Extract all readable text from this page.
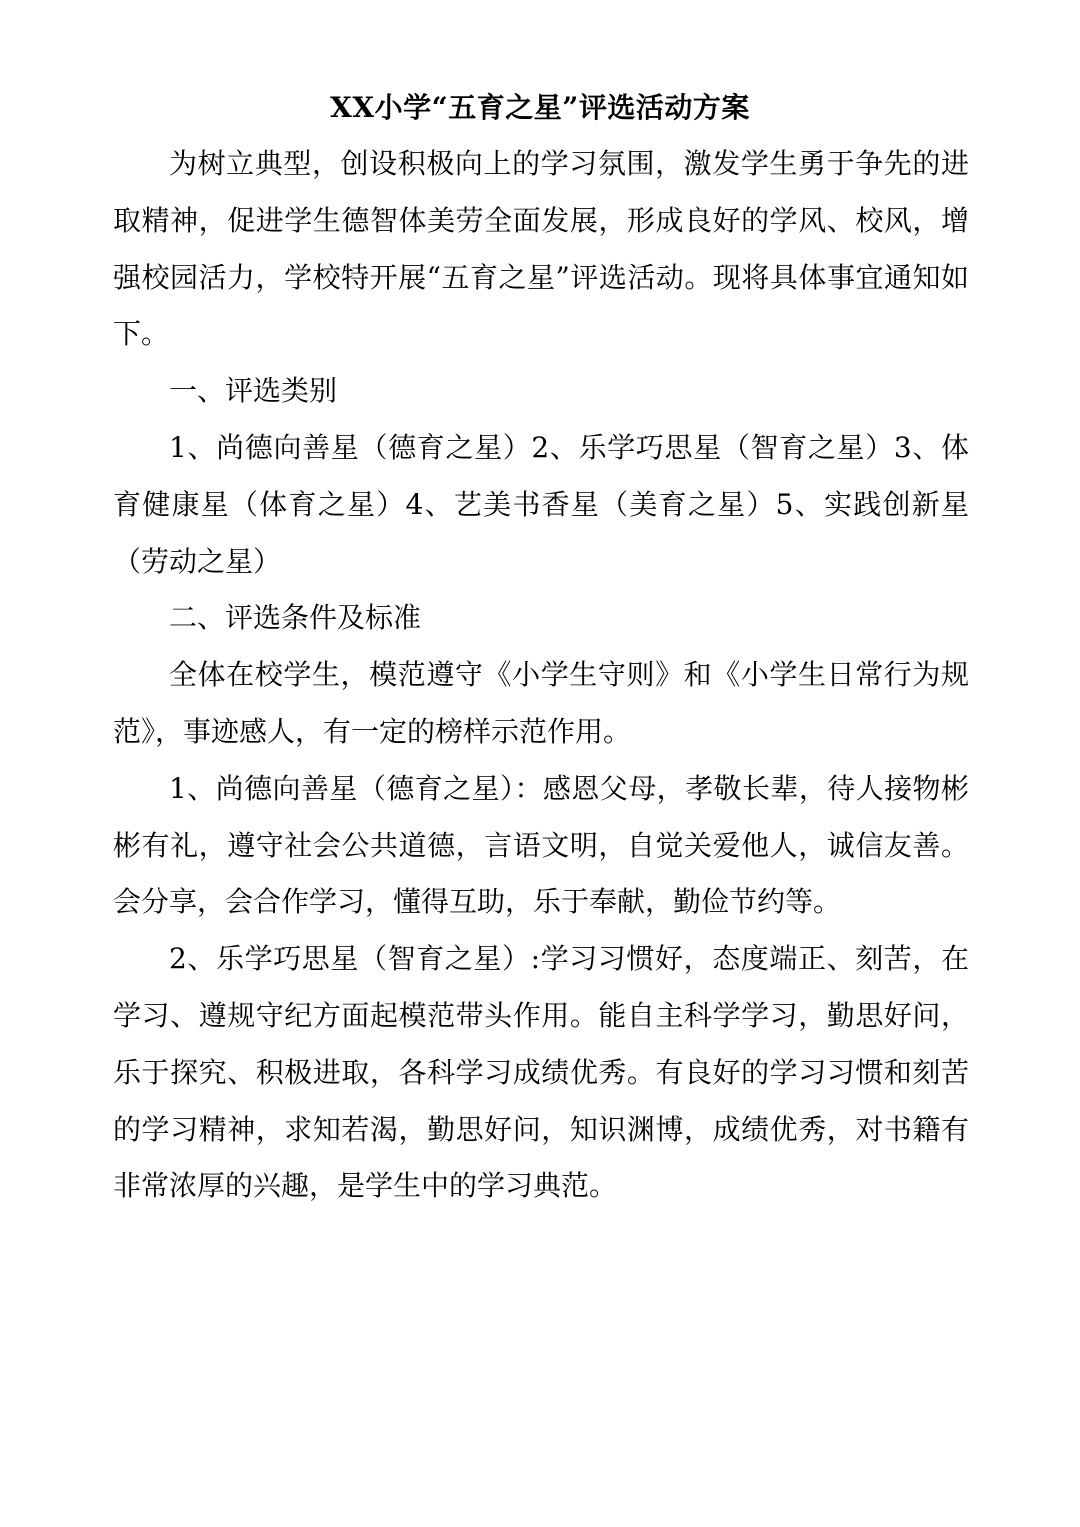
XX小学“五育之星”评选活动方案

为树立典型，创设积极向上的学习氛围，激发学生勇于争先的进取精神，促进学生德智体美劳全面发展，形成良好的学风、校风，增强校园活力，学校特开展“五育之星”评选活动。现将具体事宜通知如下。

一、评选类别

1、尚德向善星（德育之星）2、乐学巧思星（智育之星）3、体育健康星（体育之星）4、艺美书香星（美育之星）5、实践创新星（劳动之星）

二、评选条件及标准

全体在校学生，模范遵守《小学生守则》和《小学生日常行为规范》，事迹感人，有一定的榜样示范作用。

1、尚德向善星（德育之星）：感恩父母，孝敬长辈，待人接物彬彬有礼，遵守社会公共道德，言语文明，自觉关爱他人，诚信友善。会分享，会合作学习，懂得互助，乐于奉献，勤俭节约等。

2、乐学巧思星（智育之星）:学习习惯好，态度端正、刻苦，在学习、遵规守纪方面起模范带头作用。能自主科学学习，勤思好问，乐于探究、积极进取，各科学习成绩优秀。有良好的学习习惯和刻苦的学习精神，求知若渴，勤思好问，知识渊博，成绩优秀，对书籍有非常浓厚的兴趣，是学生中的学习典范。
